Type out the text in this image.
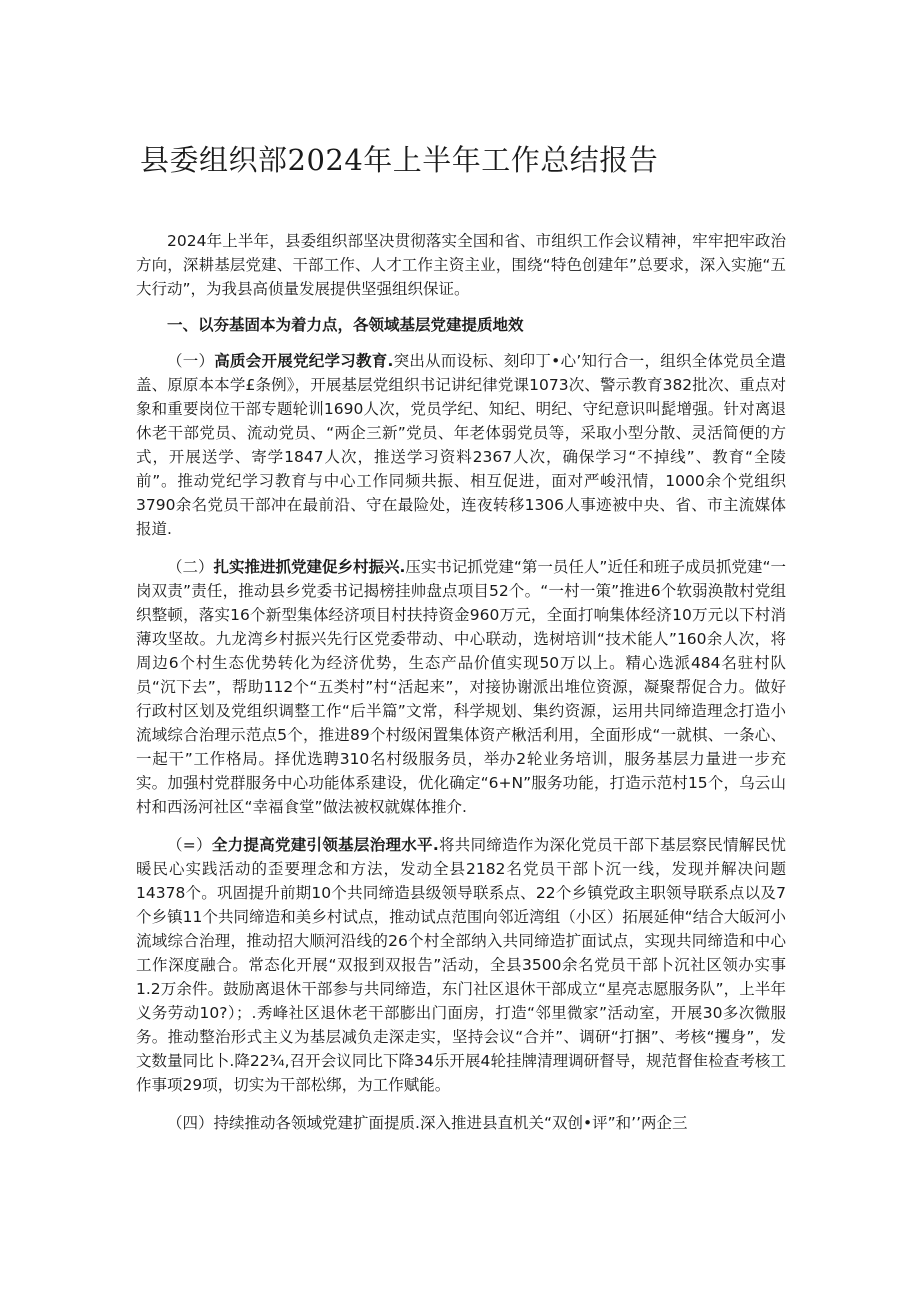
县委组织部2024年上半年工作总结报告

2024年上半年，县委组织部坚决贯彻落实全国和省、市组织工作会议精神，牢牢把牢政治方向，深耕基层党建、干部工作、人才工作主资主业，围绕“特色创建年”总要求，深入实施“五大行动”，为我县高侦量发展提供坚强组织保证。

一、以夯基固本为着力点，各领域基层党建提质地效

（一）高质会开展党纪学习教育.突出从而设标、刻印丁•心’知行合一，组织全体党员全遣盖、原原本本学£条例》，开展基层党组织书记讲纪律党课1073次、警示教育382批次、重点对象和重要岗位干部专题轮训1690人次，党员学纪、知纪、明纪、守纪意识叫髭增强。针对离退休老干部党员、流动党员、“两企三新”党员、年老体弱党员等，采取小型分散、灵活简便的方式，开展送学、寄学1847人次，推送学习资料2367人次，确保学习“不掉线”、教育“全陵前”。推动党纪学习教育与中心工作同频共振、相互促进，面对严峻汛情，1000余个党组织3790余名党员干部冲在最前沿、守在最险处，连夜转移1306人事迹被中央、省、市主流媒体报道.

（二）扎实推进抓党建促乡村振兴.压实书记抓党建“第一员任人”近任和班子成员抓党建“一岗双责”责任，推动县乡党委书记揭榜挂帅盘点项目52个。“一村一策”推进6个软弱涣散村党组织整顿，落实16个新型集体经济项目村扶持资金960万元，全面打响集体经济10万元以下村消薄攻坚故。九龙湾乡村振兴先行区党委带动、中心联动，选树培训“技术能人”160余人次，将周边6个村生态优势转化为经济优势，生态产品价值实现50万以上。精心选派484名驻村队员“沉下去”，帮助112个“五类村”村“活起来”，对接协谢派出堆位资源，凝聚帮促合力。做好行政村区划及党组织调整工作“后半篇”文常，科学规划、集约资源，运用共同缔造理念打造小流域综合治理示范点5个，推进89个村级闲置集体资产楸活利用，全面形成“一就棋、一条心、一起干”工作格局。择优选聘310名村级服务员，举办2轮业务培训，服务基层力量进一步充实。加强村党群服务中心功能体系建设，优化确定“6+N”服务功能，打造示范村15个，乌云山村和西汤河社区“幸福食堂”做法被权就媒体推介.

（=）全力提高党建引领基层治理水平.将共同缔造作为深化党员干部下基层察民情解民忧暖民心实践活动的歪要理念和方法，发动全县2182名党员干部卜沉一线，发现并解决问题14378个。巩固提升前期10个共同缔造县级领导联系点、22个乡镇党政主职领导联系点以及7个乡镇11个共同缔造和美乡村试点，推动试点范围向邻近湾组（小区）拓展延伸“结合大皈河小流域综合治理，推动招大顺河沿线的26个村全部纳入共同缔造扩面试点，实现共同缔造和中心工作深度融合。常态化开展“双报到双报告”活动，全县3500余名党员干部卜沉社区领办实事1.2万余件。鼓励离退休干部参与共同缔造，东门社区退休干部成立“星亮志愿服务队”，上半年义务劳动10?）；.秀峰社区退休老干部膨出门面房，打造“邻里微家”活动室，开展30多次微服务。推动整治形式主义为基层减负走深走实，坚持会议“合并”、调研“打捆”、考核“攫身”，发文数量同比卜.降22¾,召开会议同比下降34乐开展4轮挂牌清理调研督导，规范督隹检查考核工作事项29项，切实为干部松绑，为工作赋能。

（四）持续推动各领域党建扩面提质.深入推进县直机关“双创•评”和’’两企三
